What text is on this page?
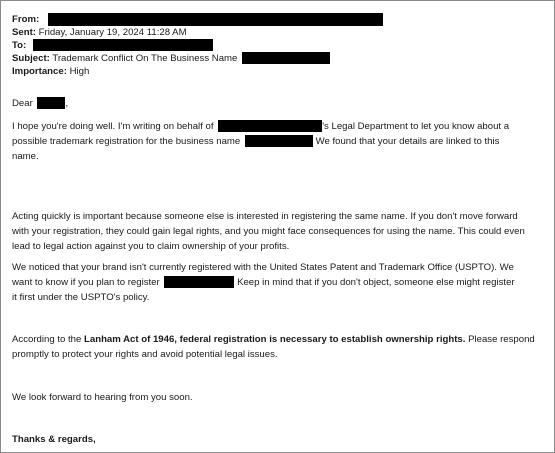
From:
Sent: Friday, January 19, 2024 11:28 AM
To:
Subject: Trademark Conflict On The Business Name
Importance: High
Dear	,
I hope you're doing well. I'm writing on behalf of	's Legal Department to let you know about a
possible trademark registration for the business name	We found that your details are linked to this
name.
Acting quickly is important because someone else is interested in registering the same name. If you don't move forward
with your registration, they could gain legal rights, and you might face consequences for using the name. This could even
lead to legal action against you to claim ownership of your profits.
We noticed that your brand isn't currently registered with the United States Patent and Trademark Office (USPTO). We
want to know if you plan to register	Keep in mind that if you don't object, someone else might register
it first under the USPTO's policy.
According to the Lanham Act of 1946, federal registration is necessary to establish ownership rights. Please respond
promptly to protect your rights and avoid potential legal issues.
We look forward to hearing from you soon.
Thanks & regards,
